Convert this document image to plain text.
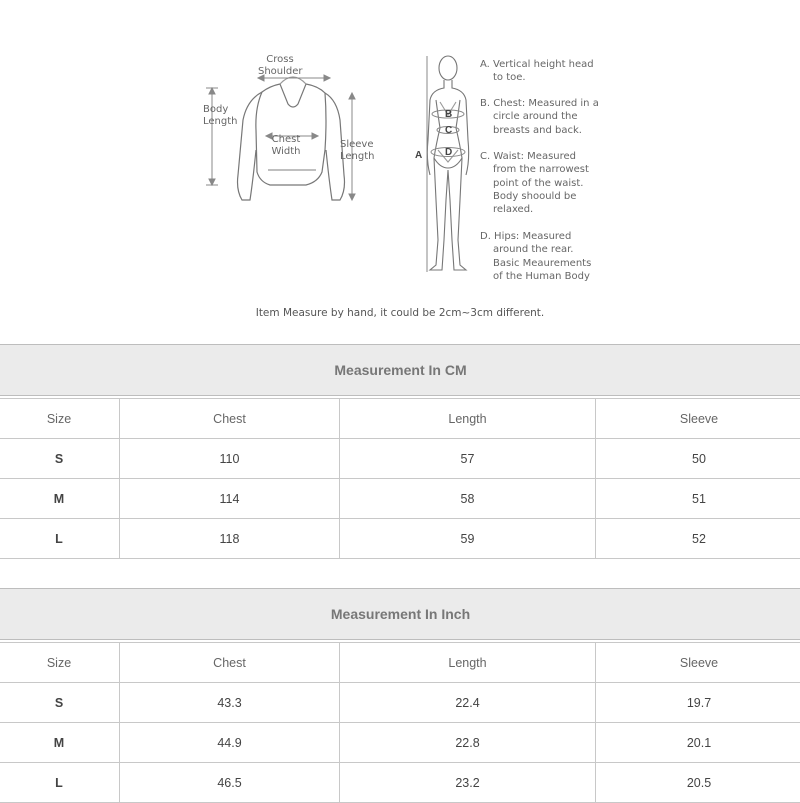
Cross
Shoulder
Body
Length
Chest
Width
Sleeve
Length	A
B
C
D
A. Vertical height head
to toe.
B. Chest: Measured in a
circle around the
breasts and back.
C. Waist: Measured
from the narrowest
point of the waist.
Body shoould be
relaxed.
D. Hips: Measured
around the rear.
Basic Meaurements
of the Human Body
Item Measure by hand, it could be 2cm~3cm different.
Measurement In CM			

Size	Chest	Length	Sleeve
S	110	57	50
M	114	58	51
L	118	59	52
Measurement In Inch			

Size	Chest	Length	Sleeve
S	43.3	22.4	19.7
M	44.9	22.8	20.1
L	46.5	23.2	20.5
